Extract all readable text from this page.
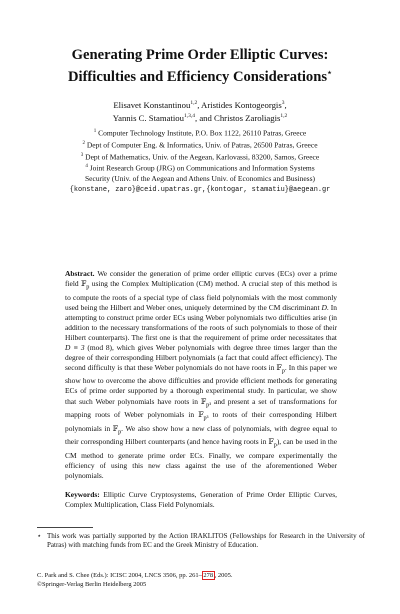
Generating Prime Order Elliptic Curves:
Difficulties and Efficiency Considerations⋆
Elisavet Konstantinou$^{1,2}$, Aristides Kontogeorgis$^3$,
Yannis C. Stamatiou$^{1,3,4}$, and Christos Zaroliagis$^{1,2}$
$^1$ Computer Technology Institute, P.O. Box 1122, 26110 Patras, Greece
$^2$ Dept of Computer Eng. & Informatics, Univ. of Patras, 26500 Patras, Greece
$^3$ Dept of Mathematics, Univ. of the Aegean, Karlovassi, 83200, Samos, Greece
$^4$ Joint Research Group (JRG) on Communications and Information Systems
Security (Univ. of the Aegean and Athens Univ. of Economics and Business)
{konstane, zaro}@ceid.upatras.gr,{kontogar, stamatiu}@aegean.gr
Abstract. We consider the generation of prime order elliptic curves (ECs) over a prime field 𝔽$_p$ using the Complex Multiplication (CM) method. A crucial step of this method is to compute the roots of a special type of class field polynomials with the most commonly used being the Hilbert and Weber ones, uniquely determined by the CM discriminant D. In attempting to construct prime order ECs using Weber polynomials two difficulties arise (in addition to the necessary transformations of the roots of such polynomials to those of their Hilbert counterparts). The first one is that the requirement of prime order necessitates that D ≡ 3 (mod 8), which gives Weber polynomials with degree three times larger than the degree of their corresponding Hilbert polynomials (a fact that could affect efficiency). The second difficulty is that these Weber polynomials do not have roots in 𝔽$_p$. In this paper we show how to overcome the above difficulties and provide efficient methods for generating ECs of prime order supported by a thorough experimental study. In particular, we show that such Weber polynomials have roots in 𝔽$_{p^3}$ and present a set of transformations for mapping roots of Weber polynomials in 𝔽$_{p^3}$ to roots of their corresponding Hilbert polynomials in 𝔽$_p$. We also show how a new class of polynomials, with degree equal to their corresponding Hilbert counterparts (and hence having roots in 𝔽$_p$), can be used in the CM method to generate prime order ECs. Finally, we compare experimentally the efficiency of using this new class against the use of the aforementioned Weber polynomials.
Keywords: Elliptic Curve Cryptosystems, Generation of Prime Order Elliptic Curves, Complex Multiplication, Class Field Polynomials.
⋆ This work was partially supported by the Action IRAKLITOS (Fellowships for Research in the University of Patras) with matching funds from EC and the Greek Ministry of Education.
C. Park and S. Chee (Eds.): ICISC 2004, LNCS 3506, pp. 261– 278 , 2005.
©Springer-Verlag Berlin Heidelberg 2005
